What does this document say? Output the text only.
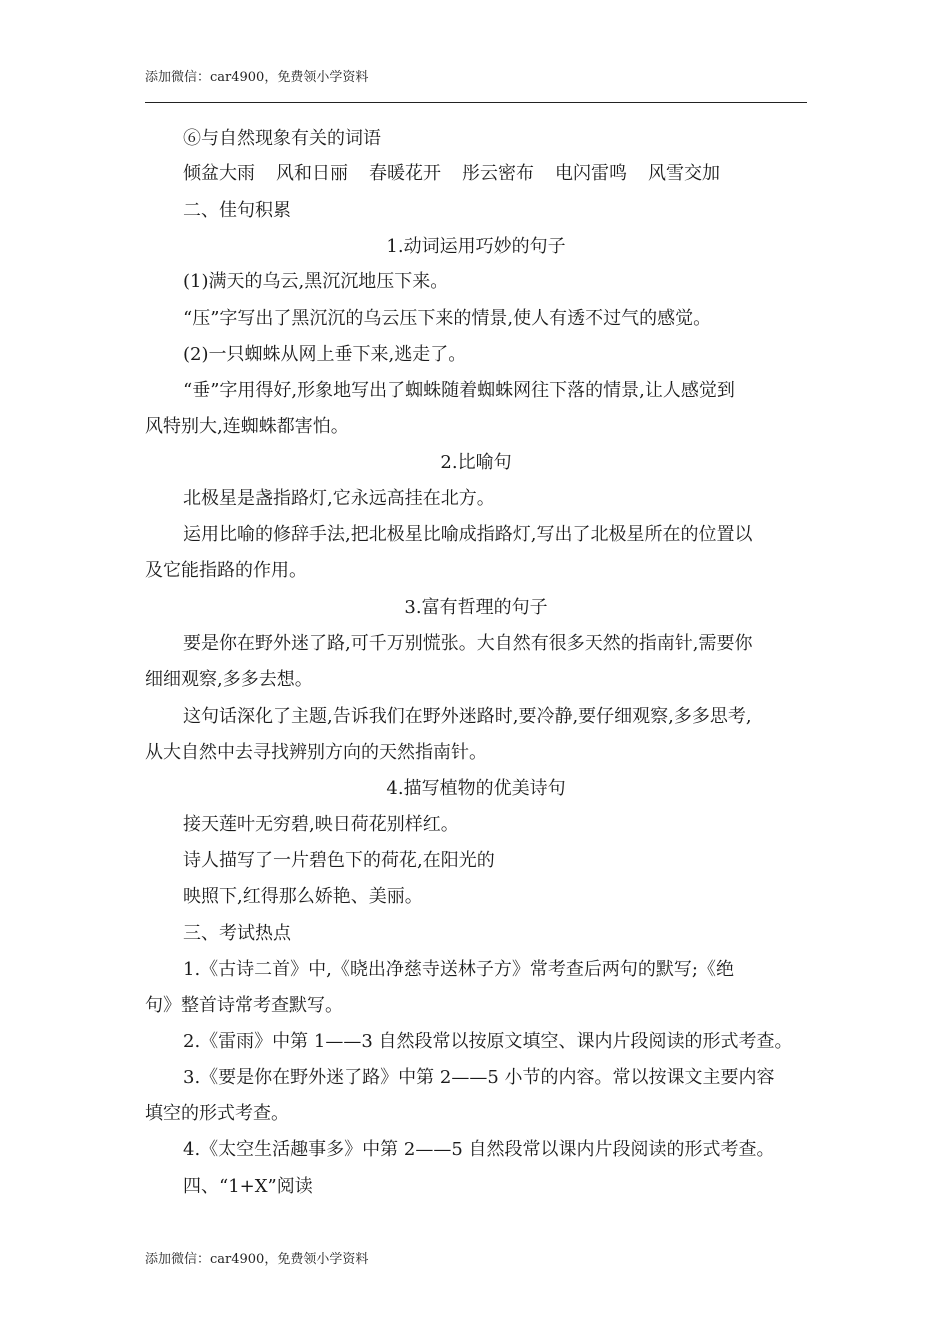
添加微信：car4900，免费领小学资料
⑥与自然现象有关的词语
倾盆大雨 风和日丽 春暖花开 彤云密布 电闪雷鸣 风雪交加
二、佳句积累
1.动词运用巧妙的句子
(1)满天的乌云,黑沉沉地压下来。
“压”字写出了黑沉沉的乌云压下来的情景,使人有透不过气的感觉。
(2)一只蜘蛛从网上垂下来,逃走了。
“垂”字用得好,形象地写出了蜘蛛随着蜘蛛网往下落的情景,让人感觉到
风特别大,连蜘蛛都害怕。
2.比喻句
北极星是盏指路灯,它永远高挂在北方。
运用比喻的修辞手法,把北极星比喻成指路灯,写出了北极星所在的位置以
及它能指路的作用。
3.富有哲理的句子
要是你在野外迷了路,可千万别慌张。大自然有很多天然的指南针,需要你
细细观察,多多去想。
这句话深化了主题,告诉我们在野外迷路时,要冷静,要仔细观察,多多思考,
从大自然中去寻找辨别方向的天然指南针。
4.描写植物的优美诗句
接天莲叶无穷碧,映日荷花别样红。
诗人描写了一片碧色下的荷花,在阳光的
映照下,红得那么娇艳、美丽。
三、考试热点
1.《古诗二首》中,《晓出净慈寺送林子方》常考查后两句的默写;《绝
句》整首诗常考查默写。
2.《雷雨》中第 1——3 自然段常以按原文填空、课内片段阅读的形式考查。
3.《要是你在野外迷了路》中第 2——5 小节的内容。常以按课文主要内容
填空的形式考查。
4.《太空生活趣事多》中第 2——5 自然段常以课内片段阅读的形式考查。
四、“1+X”阅读
添加微信：car4900，免费领小学资料
